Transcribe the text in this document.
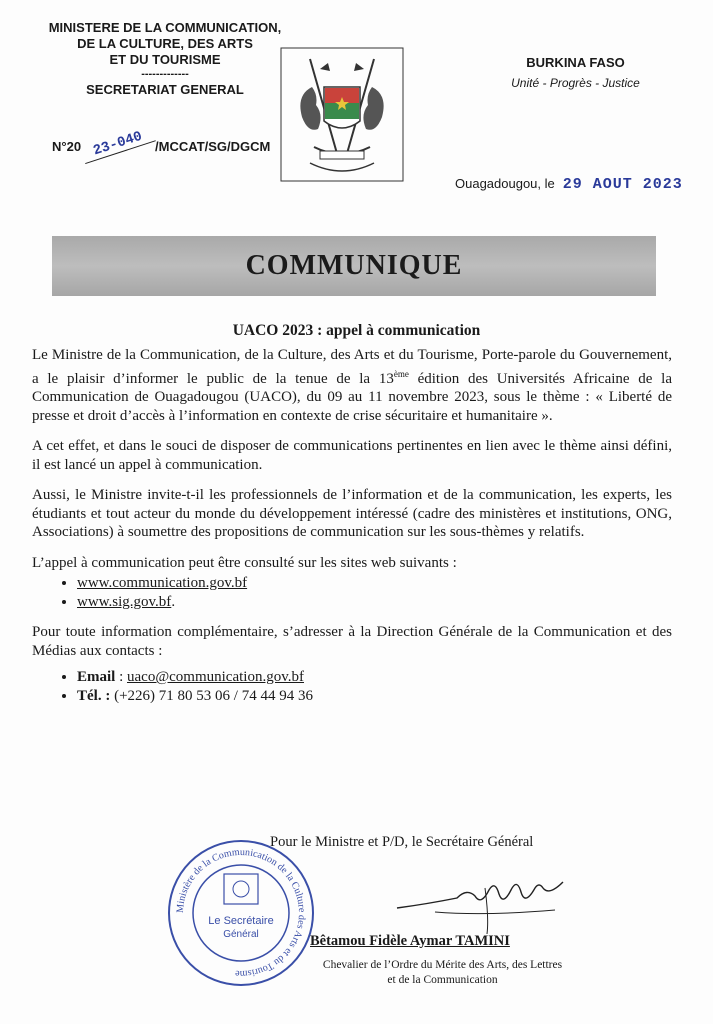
MINISTERE DE LA COMMUNICATION,
DE LA CULTURE, DES ARTS
ET DU TOURISME
-------------
SECRETARIAT GENERAL
N°20 23-040 /MCCAT/SG/DGCM
BURKINA FASO
Unité - Progrès - Justice
Ouagadougou, le 29 AOUT 2023
COMMUNIQUE
UACO 2023 : appel à communication

Le Ministre de la Communication, de la Culture, des Arts et du Tourisme, Porte-parole du Gouvernement, a le plaisir d’informer le public de la tenue de la 13ème édition des Universités Africaine de la Communication de Ouagadougou (UACO), du 09 au 11 novembre 2023, sous le thème : « Liberté de presse et droit d’accès à l’information en contexte de crise sécuritaire et humanitaire ».

A cet effet, et dans le souci de disposer de communications pertinentes en lien avec le thème ainsi défini, il est lancé un appel à communication.

Aussi, le Ministre invite-t-il les professionnels de l’information et de la communication, les experts, les étudiants et tout acteur du monde du développement intéressé (cadre des ministères et institutions, ONG, Associations) à soumettre des propositions de communication sur les sous-thèmes y relatifs.

L’appel à communication peut être consulté sur les sites web suivants :

• www.communication.gov.bf
• www.sig.gov.bf.

Pour toute information complémentaire, s’adresser à la Direction Générale de la Communication et des Médias aux contacts :

• Email : uaco@communication.gov.bf
• Tél. : (+226) 71 80 53 06 / 74 44 94 36
Ministère de la Communication de la Culture des Arts et du Tourisme
Le Secrétaire
Général
Pour le Ministre et P/D, le Secrétaire Général
Bêtamou Fidèle Aymar TAMINI
Chevalier de l’Ordre du Mérite des Arts, des Lettres
et de la Communication
